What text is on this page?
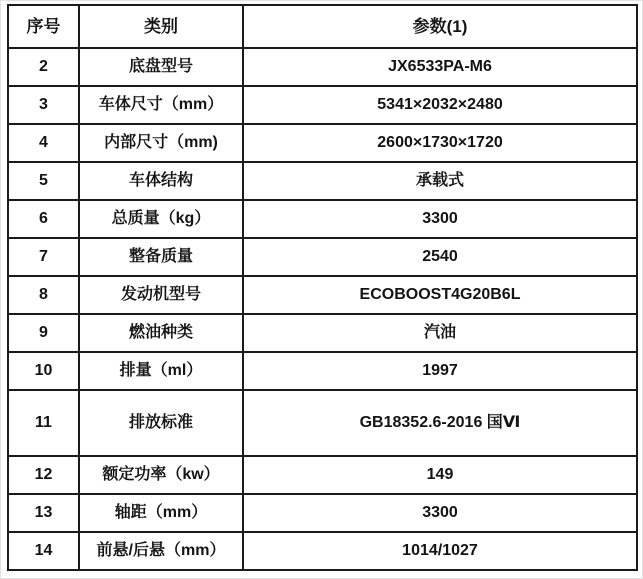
序号	类别	参数(1)
2	底盘型号	JX6533PA-M6
3	车体尺寸（mm）	5341×2032×2480
4	内部尺寸（mm)	2600×1730×1720
5	车体结构	承载式
6	总质量（kg）	3300
7	整备质量	2540
8	发动机型号	ECOBOOST4G20B6L
9	燃油种类	汽油
10	排量（ml）	1997
11	排放标准	GB18352.6-2016 国Ⅵ
12	额定功率（kw）	149
13	轴距（mm）	3300
14	前悬/后悬（mm）	1014/1027
